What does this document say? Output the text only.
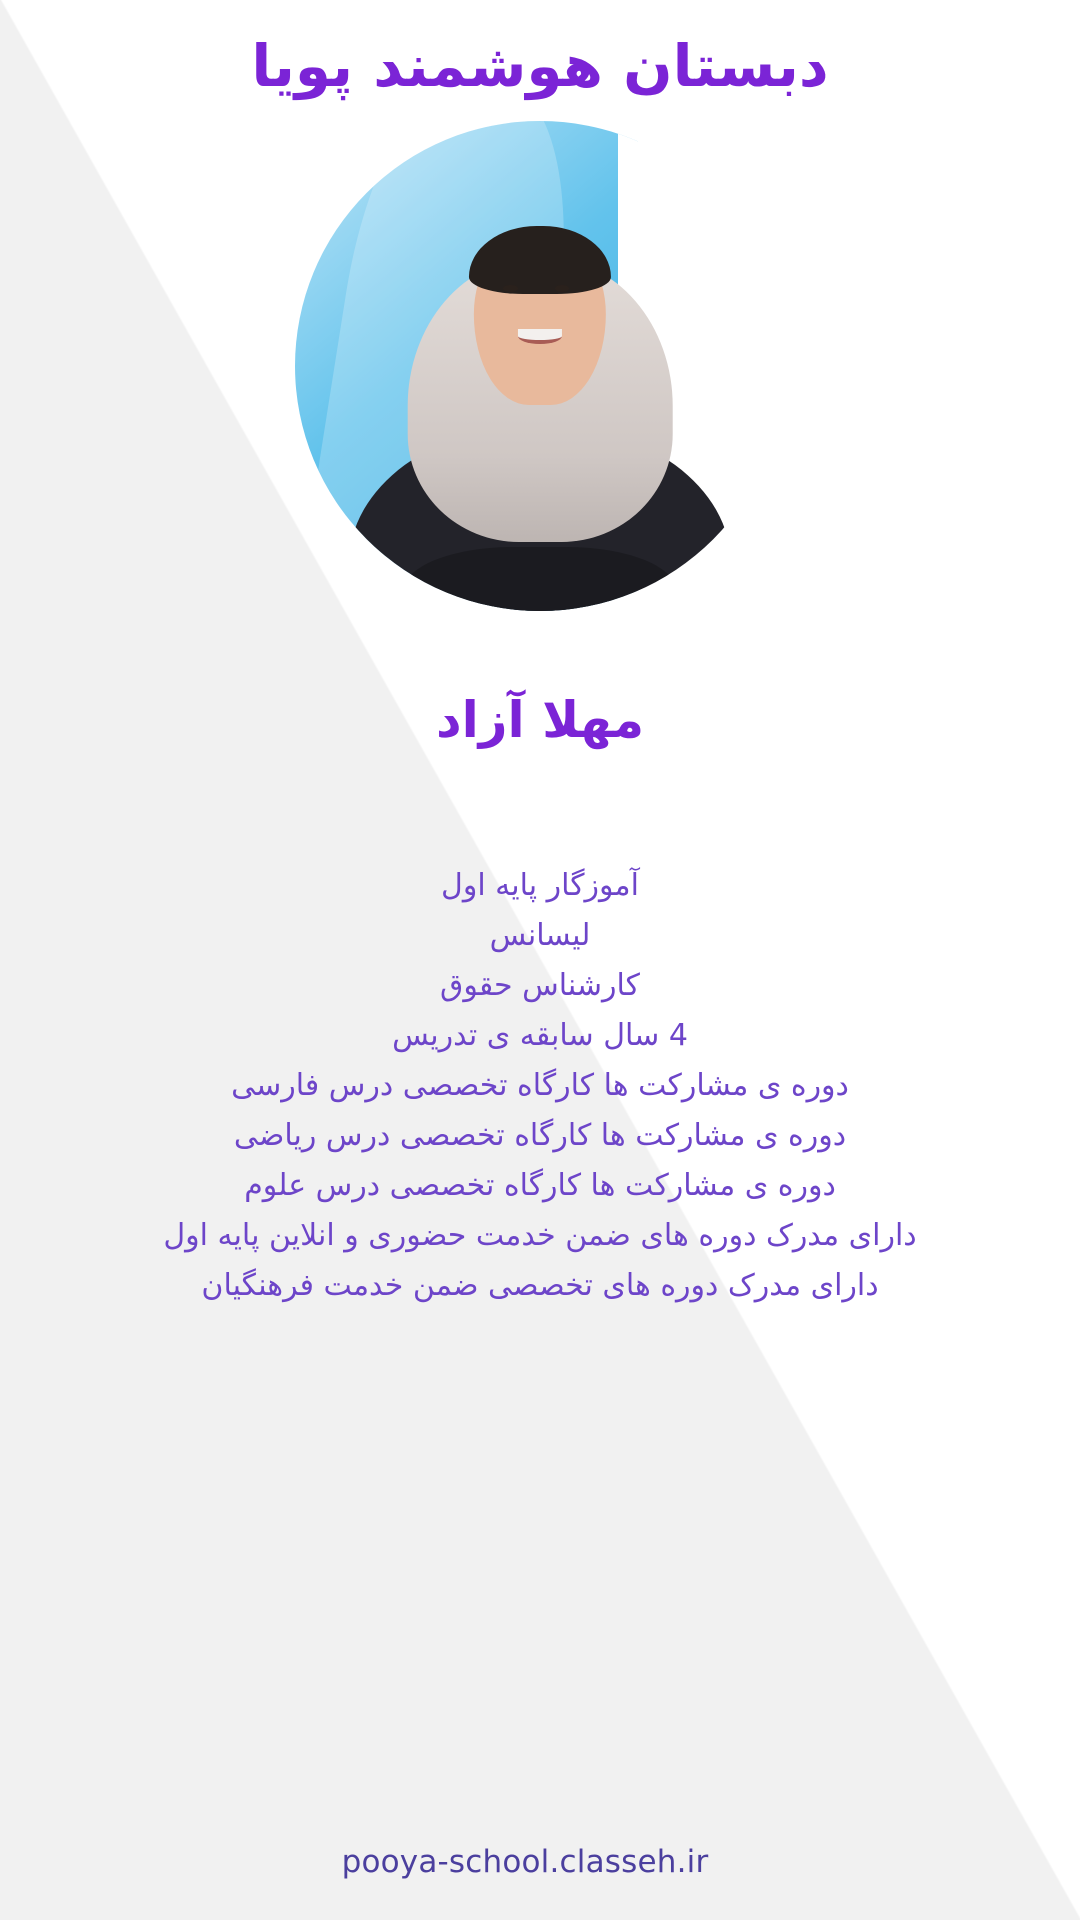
دبستان هوشمند پویا
مهلا آزاد
آموزگار پایه اول
لیسانس
کارشناس حقوق
4 سال سابقه ی تدریس
دوره ی مشارکت ها کارگاه تخصصی درس فارسی
دوره ی مشارکت ها کارگاه تخصصی درس ریاضی
دوره ی مشارکت ها کارگاه تخصصی درس علوم
دارای مدرک دوره های ضمن خدمت حضوری و انلاین پایه اول
دارای مدرک دوره های تخصصی ضمن خدمت فرهنگیان
pooya-school.classeh.ir
